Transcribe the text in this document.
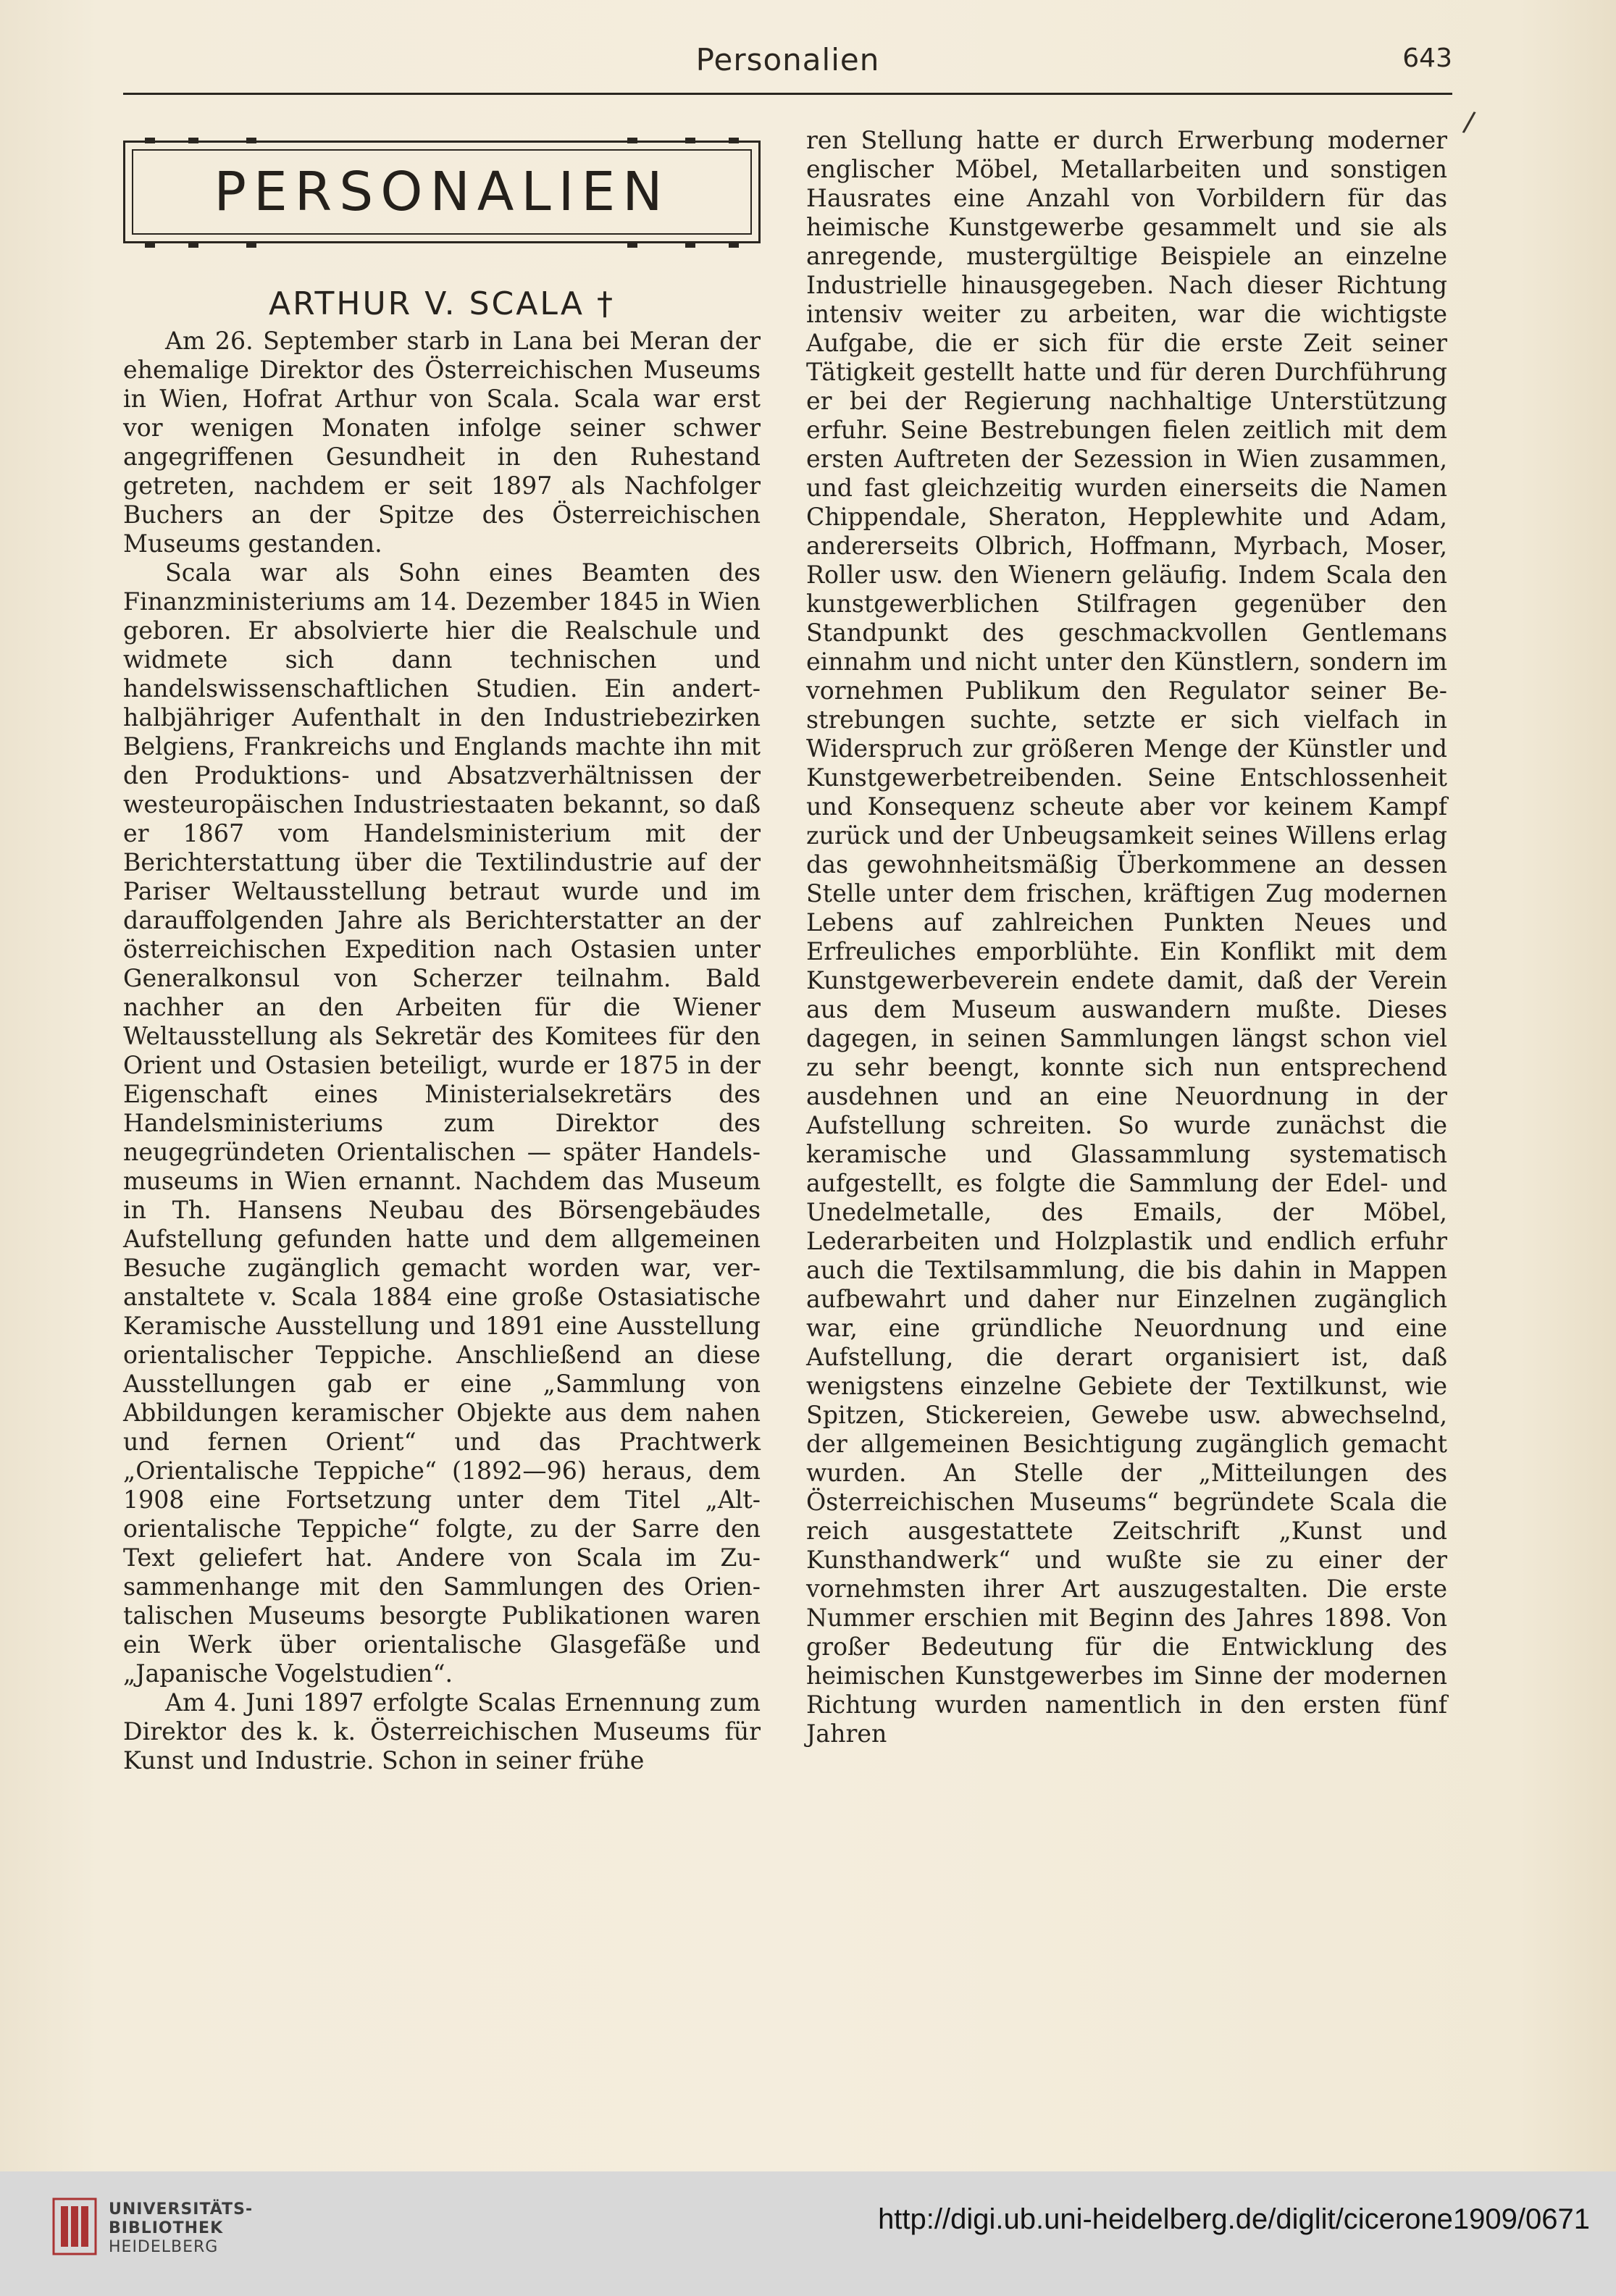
Personalien	643
/
PERSONALIEN
ARTHUR V. SCALA †

Am 26. September starb in Lana bei Meran der ehemalige Direktor des Österreichischen Museums in Wien, Hofrat Arthur von Scala. Scala war erst vor wenigen Monaten infolge seiner schwer angegriffenen Gesundheit in den Ruhestand getreten, nachdem er seit 1897 als Nachfolger Buchers an der Spitze des Österreichischen Museums gestanden.

Scala war als Sohn eines Beamten des Finanzministeriums am 14. Dezember 1845 in Wien geboren. Er absolvierte hier die Realschule und widmete sich dann technischen und handelswissenschaftlichen Studien. Ein anderthalbjähriger Aufenthalt in den Industriebezirken Belgiens, Frankreichs und Englands machte ihn mit den Produktions- und Absatzverhältnissen der westeuropäischen Industriestaaten bekannt, so daß er 1867 vom Handelsministerium mit der Berichterstattung über die Textilindustrie auf der Pariser Weltausstellung betraut wurde und im darauffolgenden Jahre als Berichterstatter an der österreichischen Expedition nach Ostasien unter Generalkonsul von Scherzer teilnahm. Bald nachher an den Arbeiten für die Wiener Weltausstellung als Sekretär des Komitees für den Orient und Ostasien beteiligt, wurde er 1875 in der Eigenschaft eines Ministerialsekretärs des Handelsministeriums zum Direktor des neugegründeten Orientalischen — später Handelsmuseums in Wien ernannt. Nachdem das Museum in Th. Hansens Neubau des Börsengebäudes Aufstellung gefunden hatte und dem allgemeinen Besuche zugänglich gemacht worden war, veranstaltete v. Scala 1884 eine große Ostasiatische Keramische Ausstellung und 1891 eine Ausstellung orientalischer Teppiche. Anschließend an diese Ausstellungen gab er eine „Sammlung von Abbildungen keramischer Objekte aus dem nahen und fernen Orient“ und das Prachtwerk „Orientalische Teppiche“ (1892—96) heraus, dem 1908 eine Fortsetzung unter dem Titel „Altorientalische Teppiche“ folgte, zu der Sarre den Text geliefert hat. Andere von Scala im Zusammenhange mit den Sammlungen des Orientalischen Museums besorgte Publikationen waren ein Werk über orientalische Glasgefäße und „Japanische Vogelstudien“.

Am 4. Juni 1897 erfolgte Scalas Ernennung zum Direktor des k. k. Österreichischen Museums für Kunst und Industrie. Schon in seiner frühe

ren Stellung hatte er durch Erwerbung moderner englischer Möbel, Metallarbeiten und sonstigen Hausrates eine Anzahl von Vorbildern für das heimische Kunstgewerbe gesammelt und sie als anregende, mustergültige Beispiele an einzelne Industrielle hinausgegeben. Nach dieser Richtung intensiv weiter zu arbeiten, war die wichtigste Aufgabe, die er sich für die erste Zeit seiner Tätigkeit gestellt hatte und für deren Durchführung er bei der Regierung nachhaltige Unterstützung erfuhr. Seine Bestrebungen fielen zeitlich mit dem ersten Auftreten der Sezession in Wien zusammen, und fast gleichzeitig wurden einerseits die Namen Chippendale, Sheraton, Hepplewhite und Adam, andererseits Olbrich, Hoffmann, Myrbach, Moser, Roller usw. den Wienern geläufig. Indem Scala den kunstgewerblichen Stilfragen gegenüber den Standpunkt des geschmackvollen Gentlemans einnahm und nicht unter den Künstlern, sondern im vornehmen Publikum den Regulator seiner Bestrebungen suchte, setzte er sich vielfach in Widerspruch zur größeren Menge der Künstler und Kunstgewerbetreibenden. Seine Entschlossenheit und Konsequenz scheute aber vor keinem Kampf zurück und der Unbeugsamkeit seines Willens erlag das gewohnheitsmäßig Überkommene an dessen Stelle unter dem frischen, kräftigen Zug modernen Lebens auf zahlreichen Punkten Neues und Erfreuliches emporblühte. Ein Konflikt mit dem Kunstgewerbeverein endete damit, daß der Verein aus dem Museum auswandern mußte. Dieses dagegen, in seinen Sammlungen längst schon viel zu sehr beengt, konnte sich nun entsprechend ausdehnen und an eine Neuordnung in der Aufstellung schreiten. So wurde zunächst die keramische und Glassammlung systematisch aufgestellt, es folgte die Sammlung der Edel- und Unedelmetalle, des Emails, der Möbel, Lederarbeiten und Holzplastik und endlich erfuhr auch die Textilsammlung, die bis dahin in Mappen aufbewahrt und daher nur Einzelnen zugänglich war, eine gründliche Neuordnung und eine Aufstellung, die derart organisiert ist, daß wenigstens einzelne Gebiete der Textilkunst, wie Spitzen, Stickereien, Gewebe usw. abwechselnd, der allgemeinen Besichtigung zugänglich gemacht wurden. An Stelle der „Mitteilungen des Österreichischen Museums“ begründete Scala die reich ausgestattete Zeitschrift „Kunst und Kunsthandwerk“ und wußte sie zu einer der vornehmsten ihrer Art auszugestalten. Die erste Nummer erschien mit Beginn des Jahres 1898. Von großer Bedeutung für die Entwicklung des heimischen Kunstgewerbes im Sinne der modernen Richtung wurden namentlich in den ersten fünf Jahren

UNIVERSITÄTS-
BIBLIOTHEK
HEIDELBERG
http://digi.ub.uni-heidelberg.de/diglit/cicerone1909/0671
